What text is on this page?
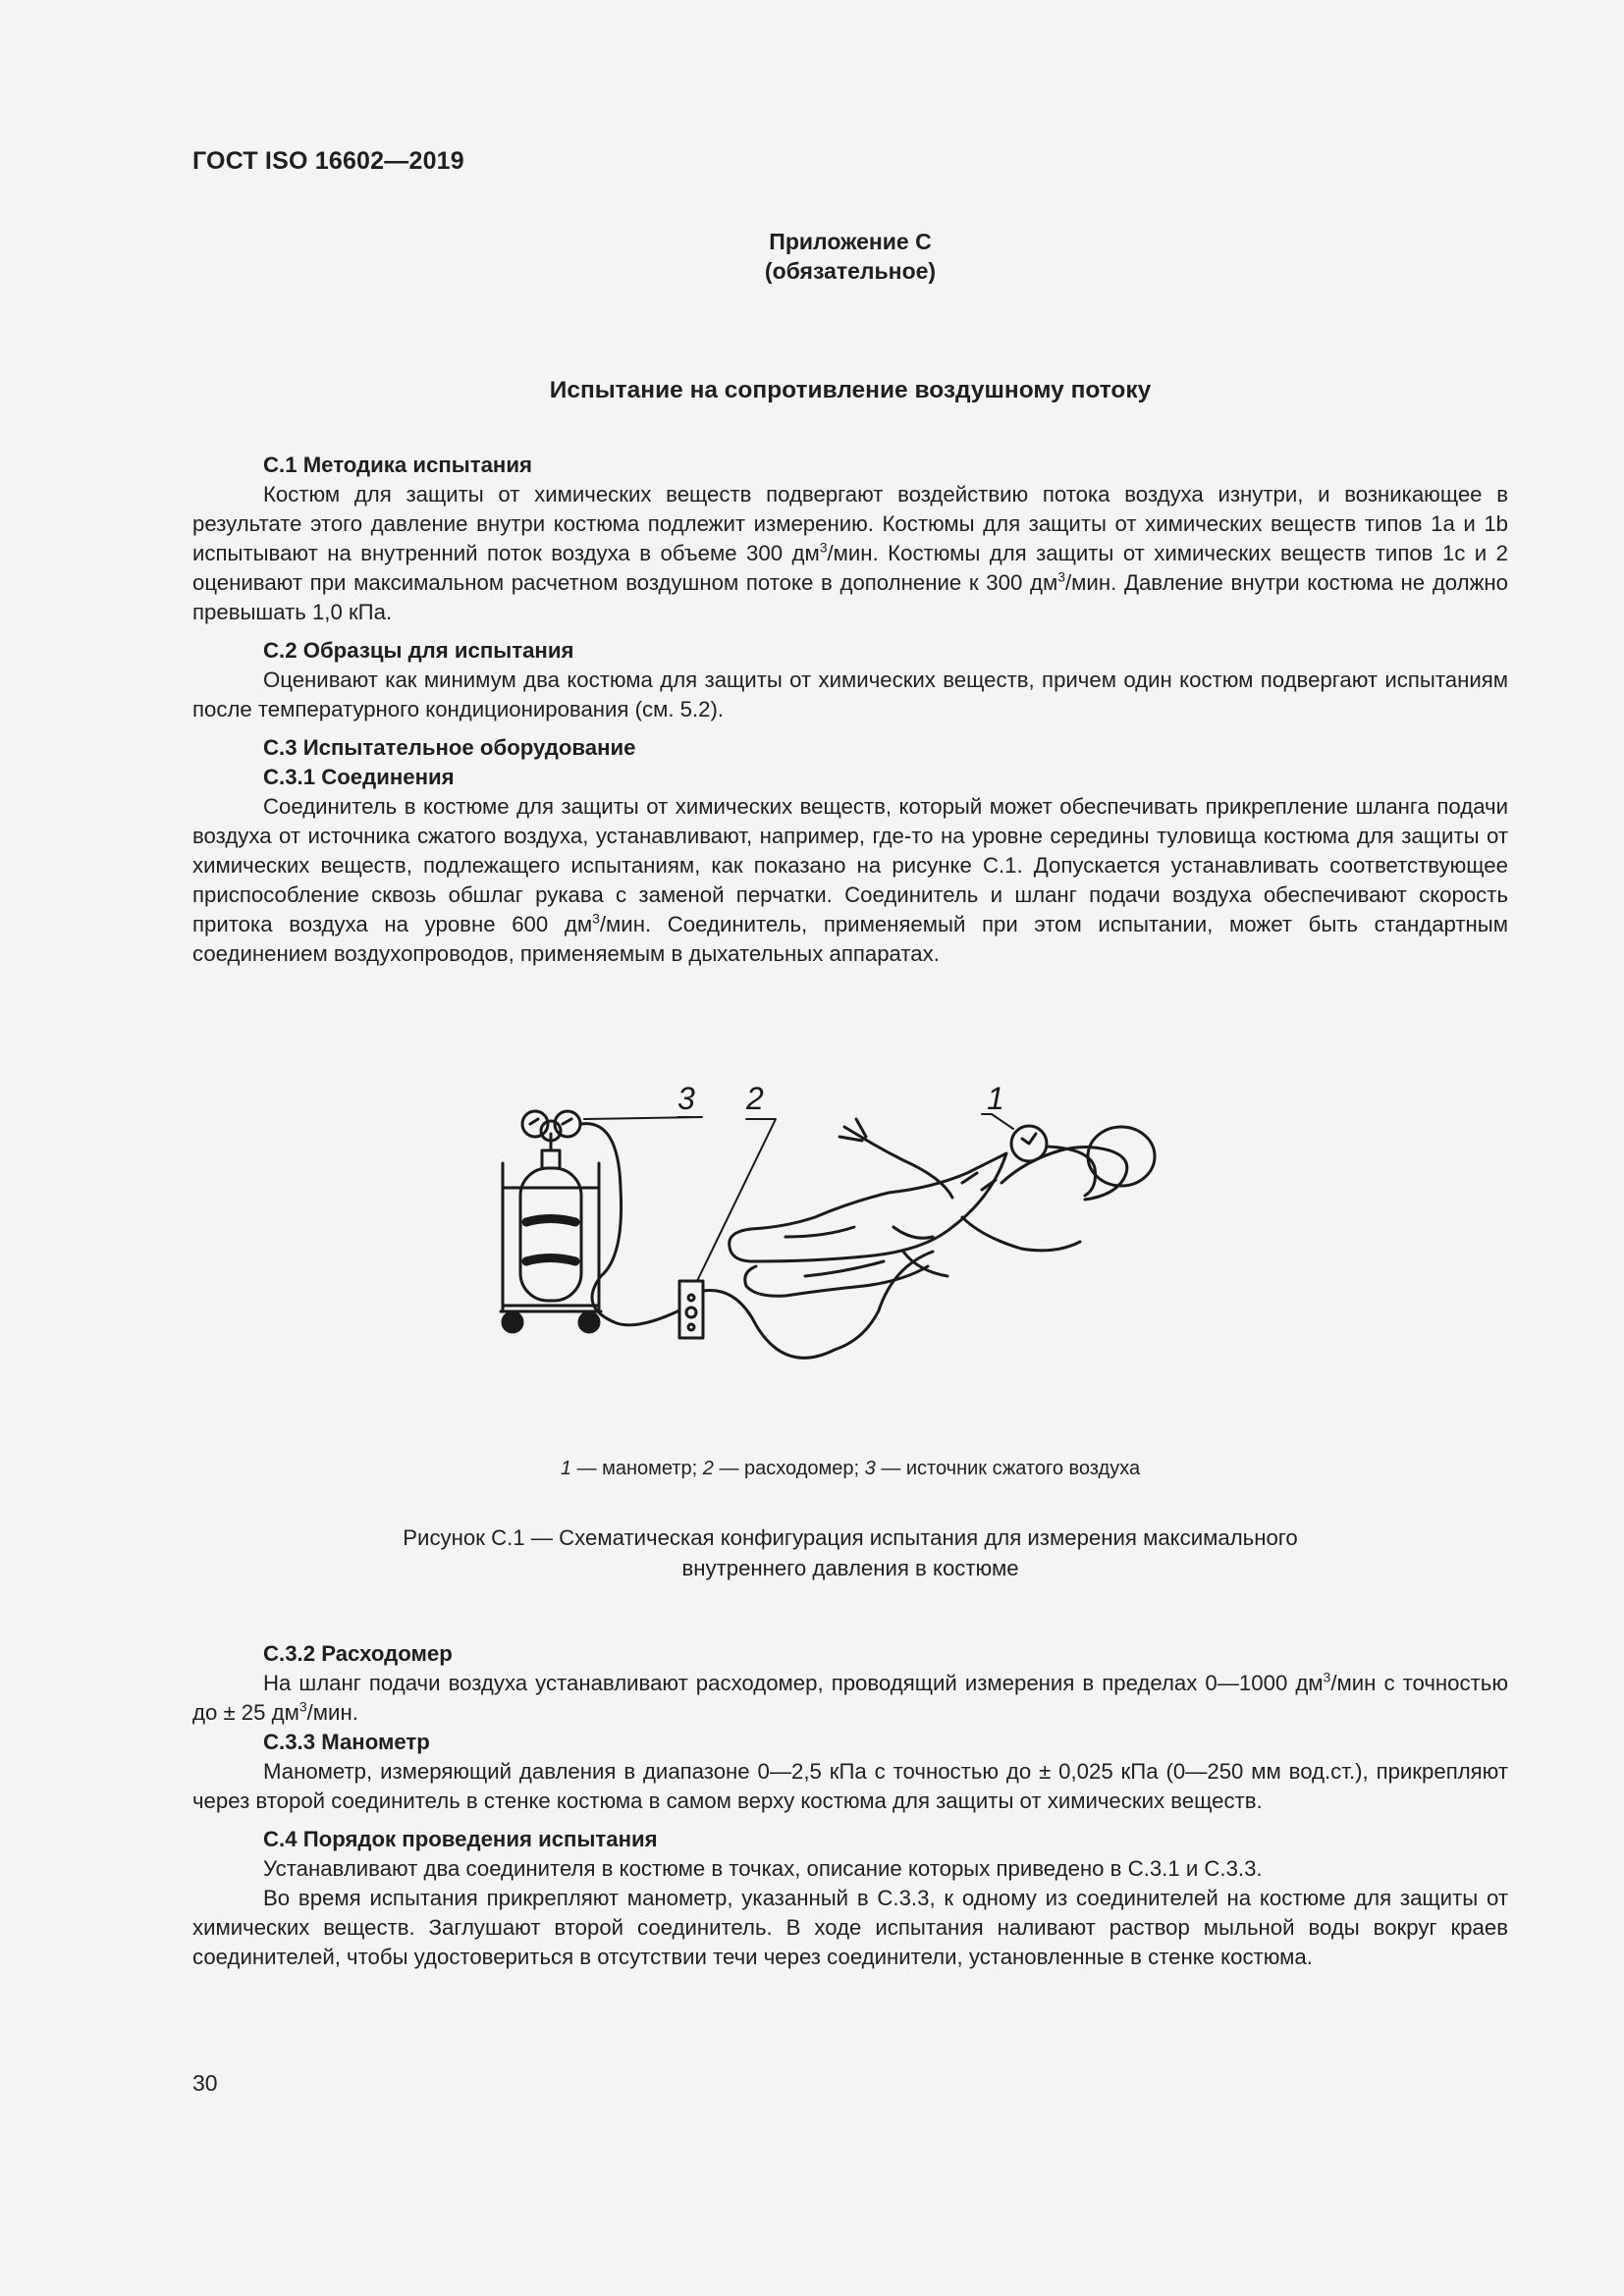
ГОСТ ISO 16602—2019
Приложение С
(обязательное)
Испытание на сопротивление воздушному потоку
С.1 Методика испытания

Костюм для защиты от химических веществ подвергают воздействию потока воздуха изнутри, и возникающее в результате этого давление внутри костюма подлежит измерению. Костюмы для защиты от химических веществ типов 1а и 1b испытывают на внутренний поток воздуха в объеме 300 $дм^3$/мин. Костюмы для защиты от химических веществ типов 1с и 2 оценивают при максимальном расчетном воздушном потоке в дополнение к 300 $дм^3$/мин. Давление внутри костюма не должно превышать 1,0 кПа.

С.2 Образцы для испытания

Оценивают как минимум два костюма для защиты от химических веществ, причем один костюм подвергают испытаниям после температурного кондиционирования (см. 5.2).

С.3 Испытательное оборудование
С.3.1 Соединения

Соединитель в костюме для защиты от химических веществ, который может обеспечивать прикрепление шланга подачи воздуха от источника сжатого воздуха, устанавливают, например, где-то на уровне середины туловища костюма для защиты от химических веществ, подлежащего испытаниям, как показано на рисунке С.1. Допускается устанавливать соответствующее приспособление сквозь обшлаг рукава с заменой перчатки. Соединитель и шланг подачи воздуха обеспечивают скорость притока воздуха на уровне 600 $дм^3$/мин. Соединитель, применяемый при этом испытании, может быть стандартным соединением воздухопроводов, применяемым в дыхательных аппаратах.

1
2
3
1 — манометр; 2 — расходомер; 3 — источник сжатого воздуха
Рисунок С.1 — Схематическая конфигурация испытания для измерения максимального
внутреннего давления в костюме
С.3.2 Расходомер

На шланг подачи воздуха устанавливают расходомер, проводящий измерения в пределах 0—1000 $дм^3$/мин с точностью до ± 25 $дм^3$/мин.

С.3.3 Манометр

Манометр, измеряющий давления в диапазоне 0—2,5 кПа с точностью до ± 0,025 кПа (0—250 мм вод.ст.), прикрепляют через второй соединитель в стенке костюма в самом верху костюма для защиты от химических веществ.

С.4 Порядок проведения испытания

Устанавливают два соединителя в костюме в точках, описание которых приведено в С.3.1 и С.3.3.

Во время испытания прикрепляют манометр, указанный в С.3.3, к одному из соединителей на костюме для защиты от химических веществ. Заглушают второй соединитель. В ходе испытания наливают раствор мыльной воды вокруг краев соединителей, чтобы удостовериться в отсутствии течи через соединители, установленные в стенке костюма.

30
